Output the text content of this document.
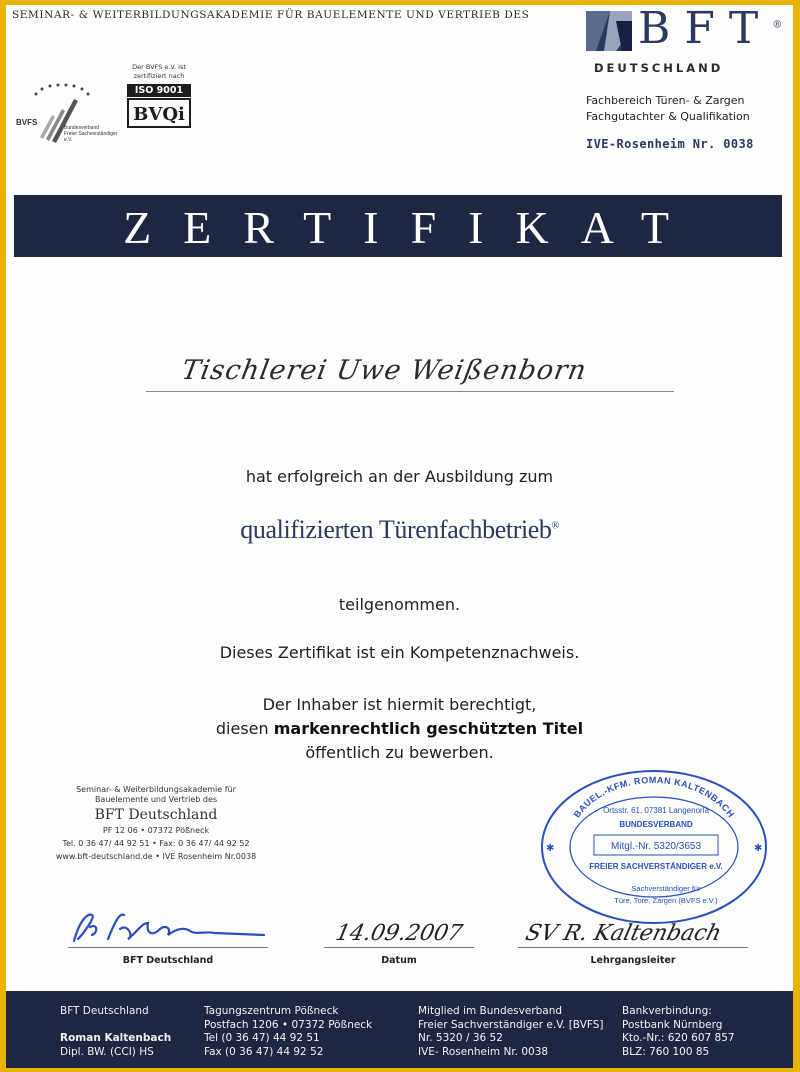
SEMINAR- & WEITERBILDUNGSAKADEMIE FÜR BAUELEMENTE UND VERTRIEB DES BFT®
DEUTSCHLAND
Fachbereich Türen- & Zargen
Fachgutachter & Qualifikation
IVE-Rosenheim Nr. 0038
BVFS
Bundesverband
Freier Sachverständiger
e.V.
Der BVFS e.V. ist
zertifiziert nach
ISO 9001
BVQi
ZERTIFIKAT
Tischlerei Uwe Weißenborn
hat erfolgreich an der Ausbildung zum
qualifizierten Türenfachbetrieb®
teilgenommen.
Dieses Zertifikat ist ein Kompetenznachweis.
Der Inhaber ist hiermit berechtigt,
diesen markenrechtlich geschützten Titel
öffentlich zu bewerben.
Seminar- & Weiterbildungsakademie für
Bauelemente und Vertrieb des
BFT Deutschland
PF 12 06 • 07372 Pößneck
Tel. 0 36 47/ 44 92 51 • Fax: 0 36 47/ 44 92 52
www.bft-deutschland.de • IVE Rosenheim Nr.0038
BAUEL.-KFM. ROMAN KALTENBACH
Ortsstr. 61, 07381 Langenorla
BUNDESVERBAND
Mitgl.-Nr. 5320/3653
FREIER SACHVERSTÄNDIGER e.V.
Sachverständiger für
Türe, Tore, Zargen (BVFS e.V.)
✱	✱
BFT Deutschland
14.09.2007
Datum
SV R. Kaltenbach
Lehrgangsleiter
BFT Deutschland

Roman Kaltenbach
Dipl. BW. (CCI) HS
Tagungszentrum Pößneck
Postfach 1206 • 07372 Pößneck
Tel (0 36 47) 44 92 51
Fax (0 36 47) 44 92 52
Mitglied im Bundesverband
Freier Sachverständiger e.V. [BVFS]
Nr. 5320 / 36 52
IVE- Rosenheim Nr. 0038
Bankverbindung:
Postbank Nürnberg
Kto.-Nr.: 620 607 857
BLZ: 760 100 85
